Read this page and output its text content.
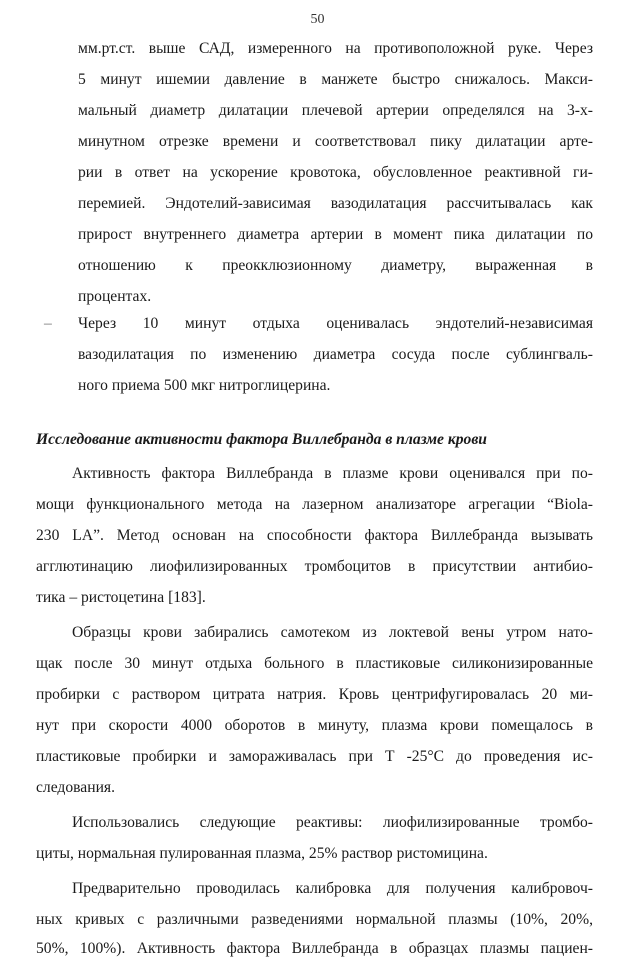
50
мм.рт.ст. выше САД, измеренного на противоположной руке. Через
5 минут ишемии давление в манжете быстро снижалось. Макси-
мальный диаметр дилатации плечевой артерии определялся на 3-х-
минутном отрезке времени и соответствовал пику дилатации арте-
рии в ответ на ускорение кровотока, обусловленное реактивной ги-
перемией. Эндотелий-зависимая вазодилатация рассчитывалась как
прирост внутреннего диаметра артерии в момент пика дилатации по
отношению к преокклюзионному диаметру, выраженная в
процентах.
– Через 10 минут отдыха оценивалась эндотелий-независимая
вазодилатация по изменению диаметра сосуда после сублингваль-
ного приема 500 мкг нитроглицерина.
Исследование активности фактора Виллебранда в плазме крови
Активность фактора Виллебранда в плазме крови оценивался при по-
мощи функционального метода на лазерном анализаторе агрегации “Biola-
230 LA”. Метод основан на способности фактора Виллебранда вызывать
агглютинацию лиофилизированных тромбоцитов в присутствии антибио-
тика – ристоцетина [183].
Образцы крови забирались самотеком из локтевой вены утром нато-
щак после 30 минут отдыха больного в пластиковые силиконизированные
пробирки с раствором цитрата натрия. Кровь центрифугировалась 20 ми-
нут при скорости 4000 оборотов в минуту, плазма крови помещалось в
пластиковые пробирки и замораживалась при Т -25°С до проведения ис-
следования.
Использовались следующие реактивы: лиофилизированные тромбо-
циты, нормальная пулированная плазма, 25% раствор ристомицина.
Предварительно проводилась калибровка для получения калибровоч-
ных кривых с различными разведениями нормальной плазмы (10%, 20%,
50%, 100%). Активность фактора Виллебранда в образцах плазмы пациен-
